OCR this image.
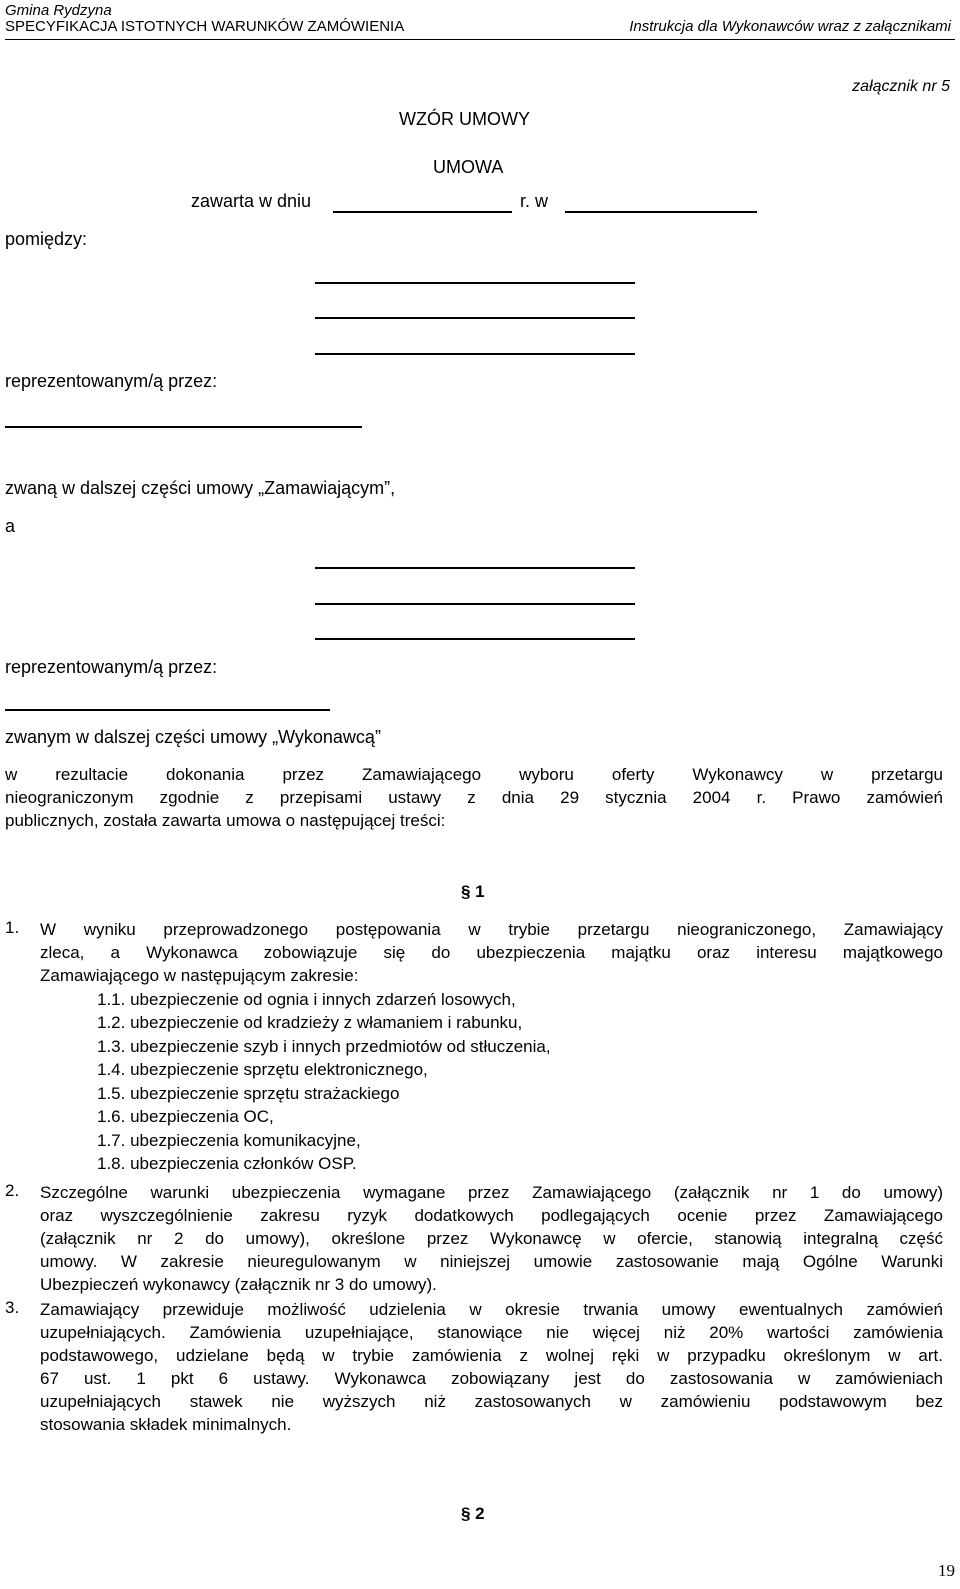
Gmina Rydzyna
SPECYFIKACJA ISTOTNYCH WARUNKÓW ZAMÓWIENIA	Instrukcja dla Wykonawców wraz z załącznikami
załącznik nr 5
WZÓR UMOWY
UMOWA
zawarta w dniu	r. w
pomiędzy:
reprezentowanym/ą przez:
zwaną w dalszej części umowy „Zamawiającym”,
a
reprezentowanym/ą przez:
zwanym w dalszej części umowy „Wykonawcą”
w rezultacie dokonania przez Zamawiającego wyboru oferty Wykonawcy w przetargu
nieograniczonym zgodnie z przepisami ustawy z dnia 29 stycznia 2004 r. Prawo zamówień
publicznych, została zawarta umowa o następującej treści:
§ 1
1. W wyniku przeprowadzonego postępowania w trybie przetargu nieograniczonego, Zamawiający
zleca, a Wykonawca zobowiązuje się do ubezpieczenia majątku oraz interesu majątkowego
Zamawiającego w następującym zakresie:
1.1. ubezpieczenie od ognia i innych zdarzeń losowych,
1.2. ubezpieczenie od kradzieży z włamaniem i rabunku,
1.3. ubezpieczenie szyb i innych przedmiotów od stłuczenia,
1.4. ubezpieczenie sprzętu elektronicznego,
1.5. ubezpieczenie sprzętu strażackiego
1.6. ubezpieczenia OC,
1.7. ubezpieczenia komunikacyjne,
1.8. ubezpieczenia członków OSP.
2. Szczególne warunki ubezpieczenia wymagane przez Zamawiającego (załącznik nr 1 do umowy)
oraz wyszczególnienie zakresu ryzyk dodatkowych podlegających ocenie przez Zamawiającego
(załącznik nr 2 do umowy), określone przez Wykonawcę w ofercie, stanowią integralną część
umowy. W zakresie nieuregulowanym w niniejszej umowie zastosowanie mają Ogólne Warunki
Ubezpieczeń wykonawcy (załącznik nr 3 do umowy).
3. Zamawiający przewiduje możliwość udzielenia w okresie trwania umowy ewentualnych zamówień
uzupełniających. Zamówienia uzupełniające, stanowiące nie więcej niż 20% wartości zamówienia
podstawowego, udzielane będą w trybie zamówienia z wolnej ręki w przypadku określonym w art.
67 ust. 1 pkt 6 ustawy. Wykonawca zobowiązany jest do zastosowania w zamówieniach
uzupełniających stawek nie wyższych niż zastosowanych w zamówieniu podstawowym bez
stosowania składek minimalnych.
§ 2
19
